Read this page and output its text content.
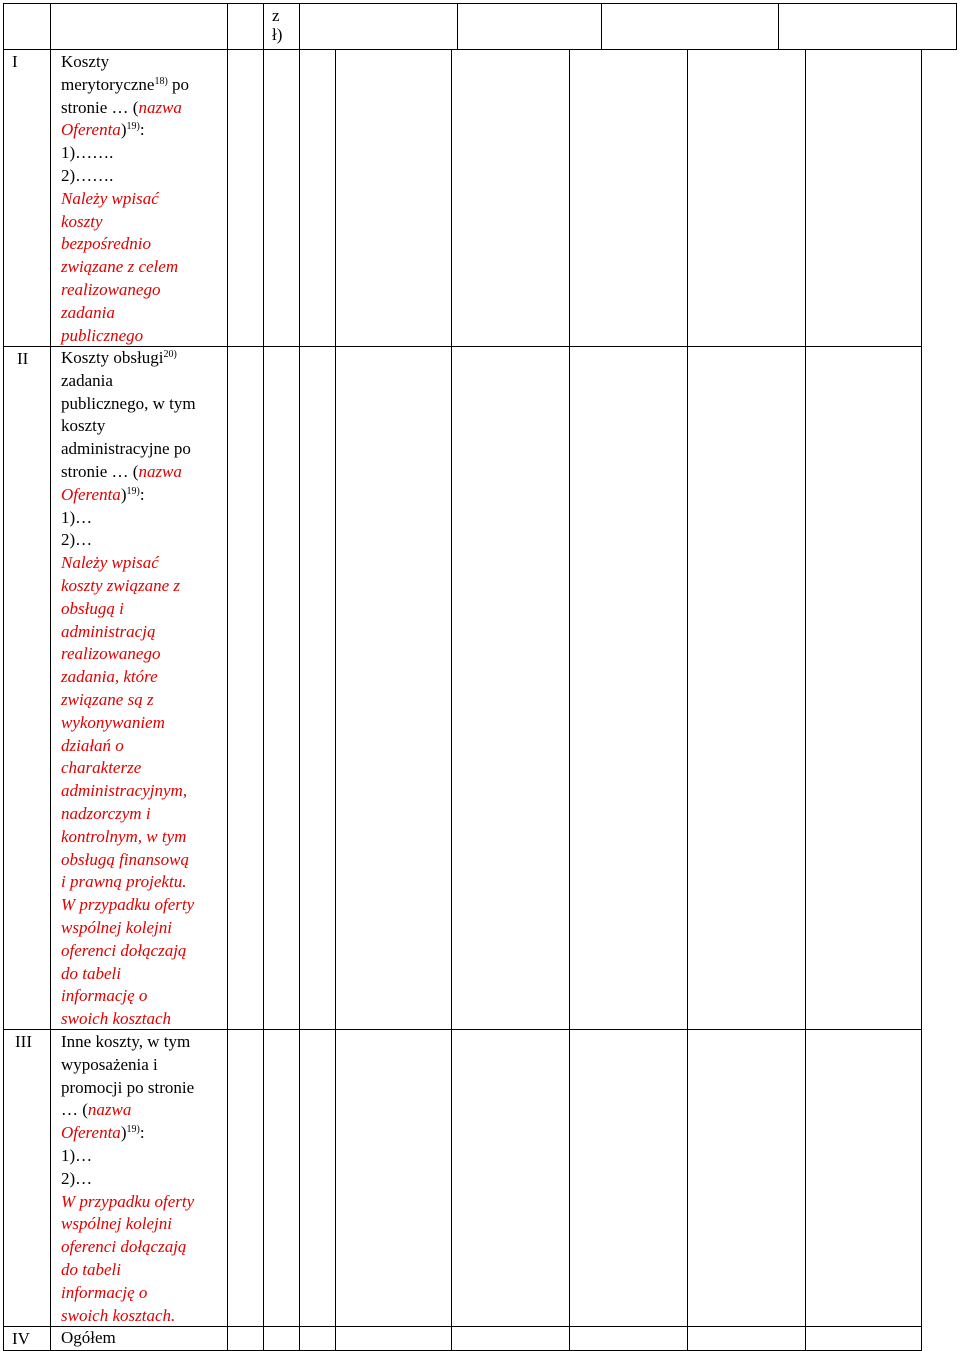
z
ł)
I
II
III
IV
Koszty
merytoryczne$^{18)}$ po
stronie … (nazwa
Oferenta)$^{19)}$:
1)…….
2)…….
Należy wpisać
koszty
bezpośrednio
związane z celem
realizowanego
zadania
publicznego
Koszty obsługi$^{20)}$
zadania
publicznego, w tym
koszty
administracyjne po
stronie … (nazwa
Oferenta)$^{19)}$:
1)…
2)…
Należy wpisać
koszty związane z
obsługą i
administracją
realizowanego
zadania, które
związane są z
wykonywaniem
działań o
charakterze
administracyjnym,
nadzorczym i
kontrolnym, w tym
obsługą finansową
i prawną projektu.
W przypadku oferty
wspólnej kolejni
oferenci dołączają
do tabeli
informację o
swoich kosztach
Inne koszty, w tym
wyposażenia i
promocji po stronie
… (nazwa
Oferenta)$^{19)}$:
1)…
2)…
W przypadku oferty
wspólnej kolejni
oferenci dołączają
do tabeli
informację o
swoich kosztach.
Ogółem
